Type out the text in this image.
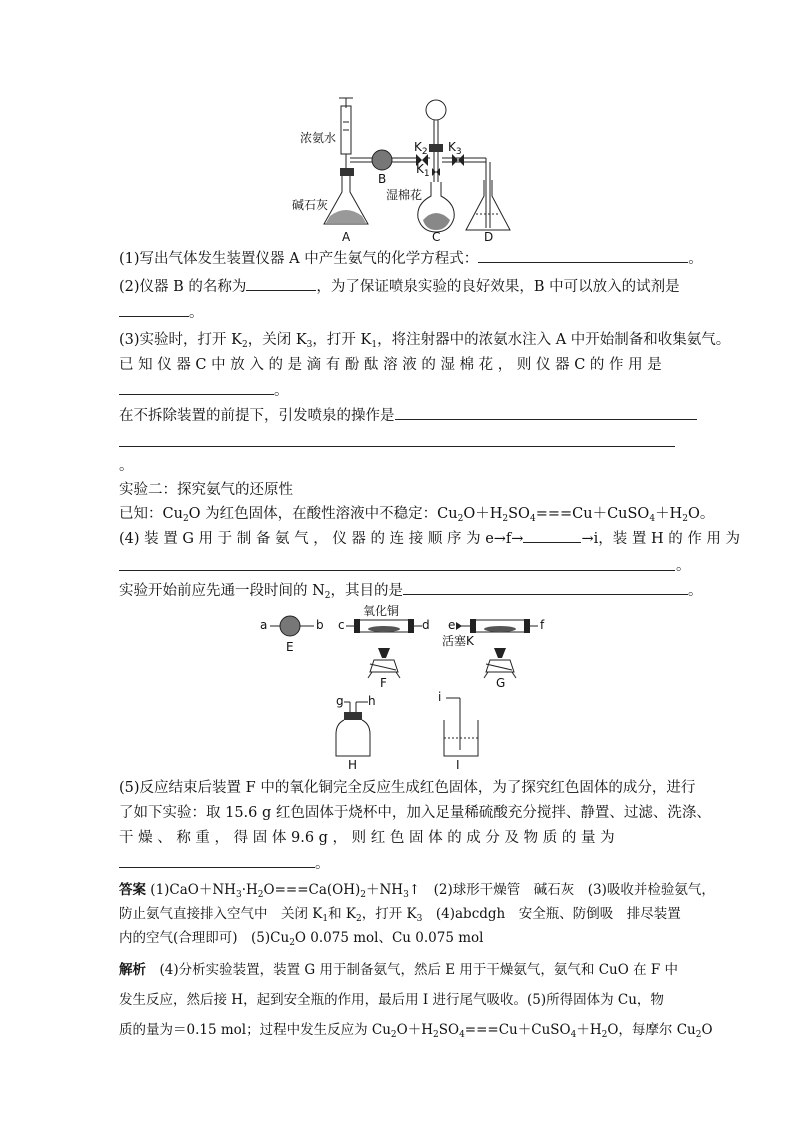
浓氨水
碱石灰
湿棉花
A
B
C	D
$K_2$
$K_1$
$K_3$
(1)写出气体发生装置仪器 A 中产生氨气的化学方程式：	。
(2)仪器 B 的名称为	，为了保证喷泉实验的良好效果，B 中可以放入的试剂是
。
(3)实验时，打开 $K_2$，关闭 $K_3$，打开 $K_1$，将注射器中的浓氨水注入 A 中开始制备和收集氨气。
已 知 仪 器 C 中 放 入 的 是 滴 有 酚 酞 溶 液 的 湿 棉 花 ， 则 仪 器 C 的 作 用 是
。
在不拆除装置的前提下，引发喷泉的操作是
。
实验二：探究氨气的还原性
已知：$Cu_2O$ 为红色固体，在酸性溶液中不稳定：$Cu_2O+H_2SO_4===Cu+CuSO_4+H_2O$。
(4) 装 置 G 用 于 制 备 氨 气 ， 仪 器 的 连 接 顺 序 为 e→f→	→i，装 置 H 的 作 用 为
。
实验开始前应先通一段时间的 $N_2$，其目的是	。
a	b
E
氧化铜
c	d
F
e	f
活塞K
G
g h
H
i
I
(5)反应结束后装置 F 中的氧化铜完全反应生成红色固体，为了探究红色固体的成分，进行
了如下实验：取 15.6 g 红色固体于烧杯中，加入足量稀硫酸充分搅拌、静置、过滤、洗涤、
干 燥 、 称 重 ， 得 固 体 9.6 g ， 则 红 色 固 体 的 成 分 及 物 质 的 量 为
。
答案 $(1)CaO+NH_3\cdot H_2O===Ca(OH)_2+NH_3↑$　(2)球形干燥管　碱石灰　(3)吸收并检验氨气，
防止氨气直接排入空气中　关闭 $K_1$和 $K_2$，打开 $K_3$　(4)abcdgh　安全瓶、防倒吸　排尽装置
内的空气(合理即可)　$(5)Cu_2O$ 0.075 mol、Cu 0.075 mol
解析　(4)分析实验装置，装置 G 用于制备氨气，然后 E 用于干燥氨气，氨气和 CuO 在 F 中
发生反应，然后接 H，起到安全瓶的作用，最后用 I 进行尾气吸收。(5)所得固体为 Cu，物
质的量为＝0.15 mol；过程中发生反应为 $Cu_2O+H_2SO_4===Cu+CuSO_4+H_2O$，每摩尔 $Cu_2O$
